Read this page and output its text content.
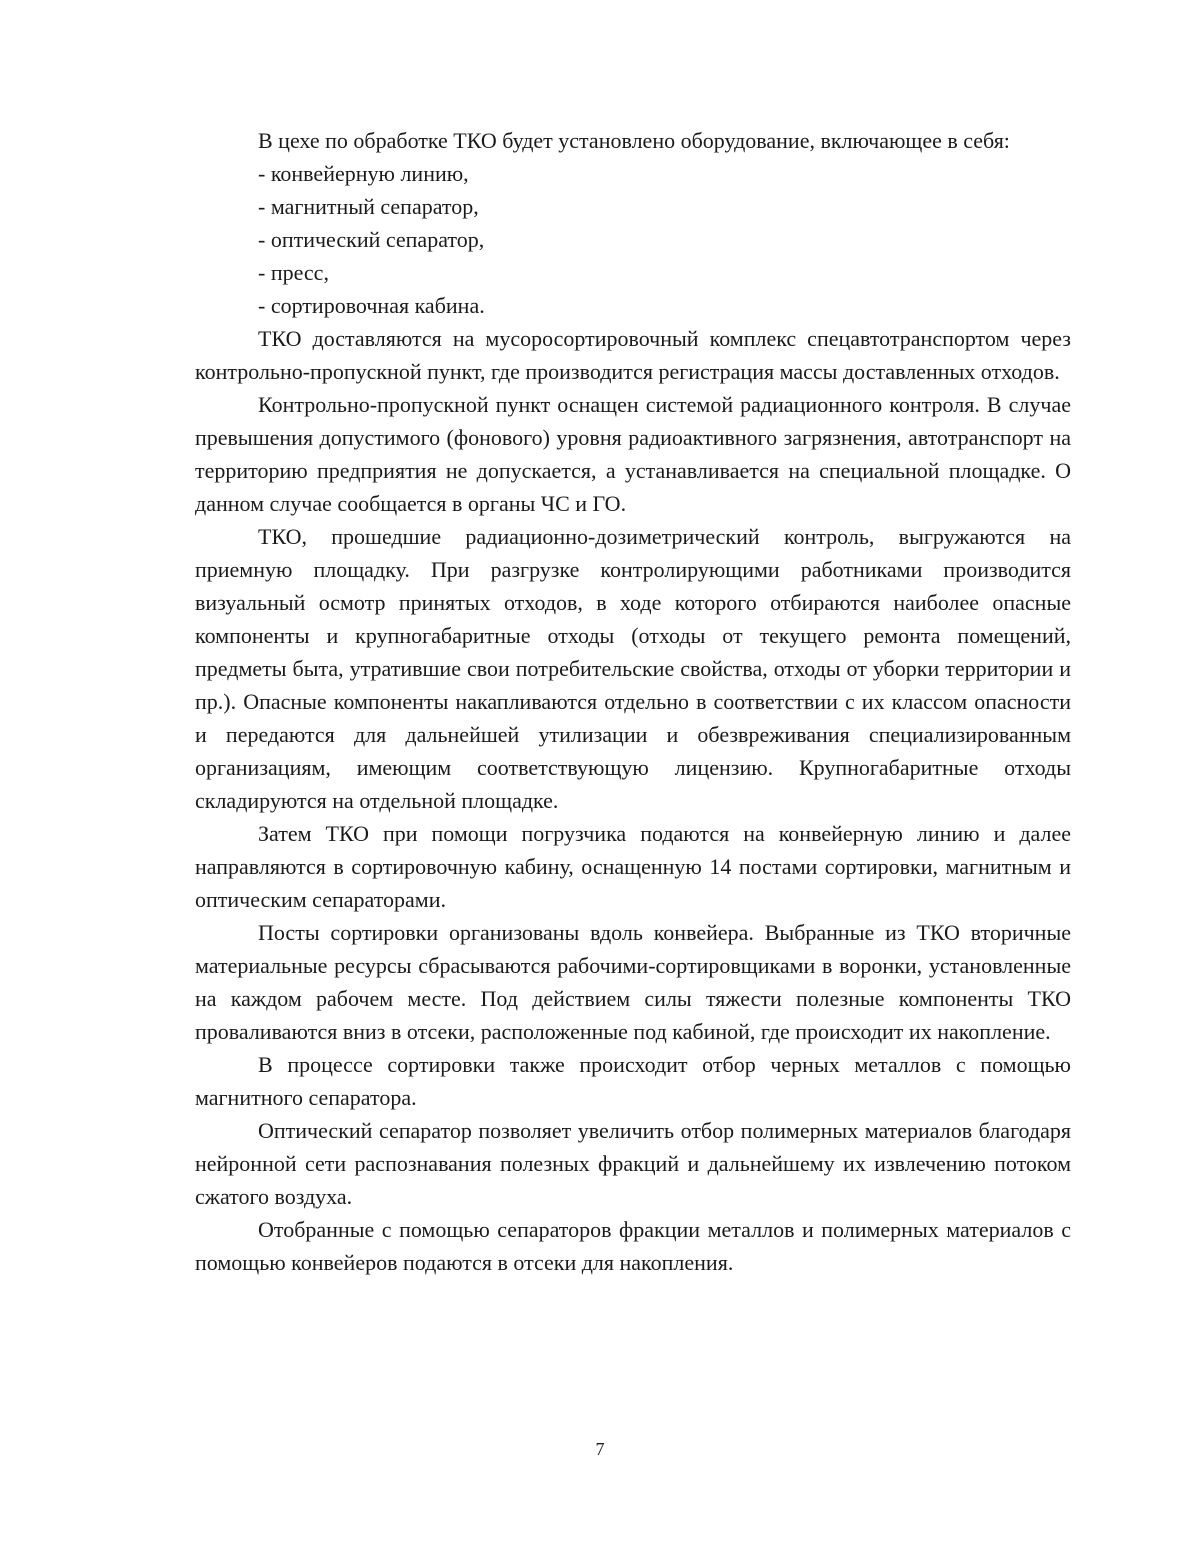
В цехе по обработке ТКО будет установлено оборудование, включающее в себя:

- конвейерную линию,

- магнитный сепаратор,

- оптический сепаратор,

- пресс,

- сортировочная кабина.

ТКО доставляются на мусоросортировочный комплекс спецавтотранспортом через контрольно-пропускной пункт, где производится регистрация массы доставленных отходов.

Контрольно-пропускной пункт оснащен системой радиационного контроля. В случае превышения допустимого (фонового) уровня радиоактивного загрязнения, автотранспорт на территорию предприятия не допускается, а устанавливается на специальной площадке. О данном случае сообщается в органы ЧС и ГО.

ТКО, прошедшие радиационно-дозиметрический контроль, выгружаются на приемную площадку. При разгрузке контролирующими работниками производится визуальный осмотр принятых отходов, в ходе которого отбираются наиболее опасные компоненты и крупногабаритные отходы (отходы от текущего ремонта помещений, предметы быта, утратившие свои потребительские свойства, отходы от уборки территории и пр.). Опасные компоненты накапливаются отдельно в соответствии с их классом опасности и передаются для дальнейшей утилизации и обезвреживания специализированным организациям, имеющим соответствующую лицензию. Крупногабаритные отходы складируются на отдельной площадке.

Затем ТКО при помощи погрузчика подаются на конвейерную линию и далее направляются в сортировочную кабину, оснащенную 14 постами сортировки, магнитным и оптическим сепараторами.

Посты сортировки организованы вдоль конвейера. Выбранные из ТКО вторичные материальные ресурсы сбрасываются рабочими-сортировщиками в воронки, установленные на каждом рабочем месте. Под действием силы тяжести полезные компоненты ТКО проваливаются вниз в отсеки, расположенные под кабиной, где происходит их накопление.

В процессе сортировки также происходит отбор черных металлов с помощью магнитного сепаратора.

Оптический сепаратор позволяет увеличить отбор полимерных материалов благодаря нейронной сети распознавания полезных фракций и дальнейшему их извлечению потоком сжатого воздуха.

Отобранные с помощью сепараторов фракции металлов и полимерных материалов с помощью конвейеров подаются в отсеки для накопления.

7
